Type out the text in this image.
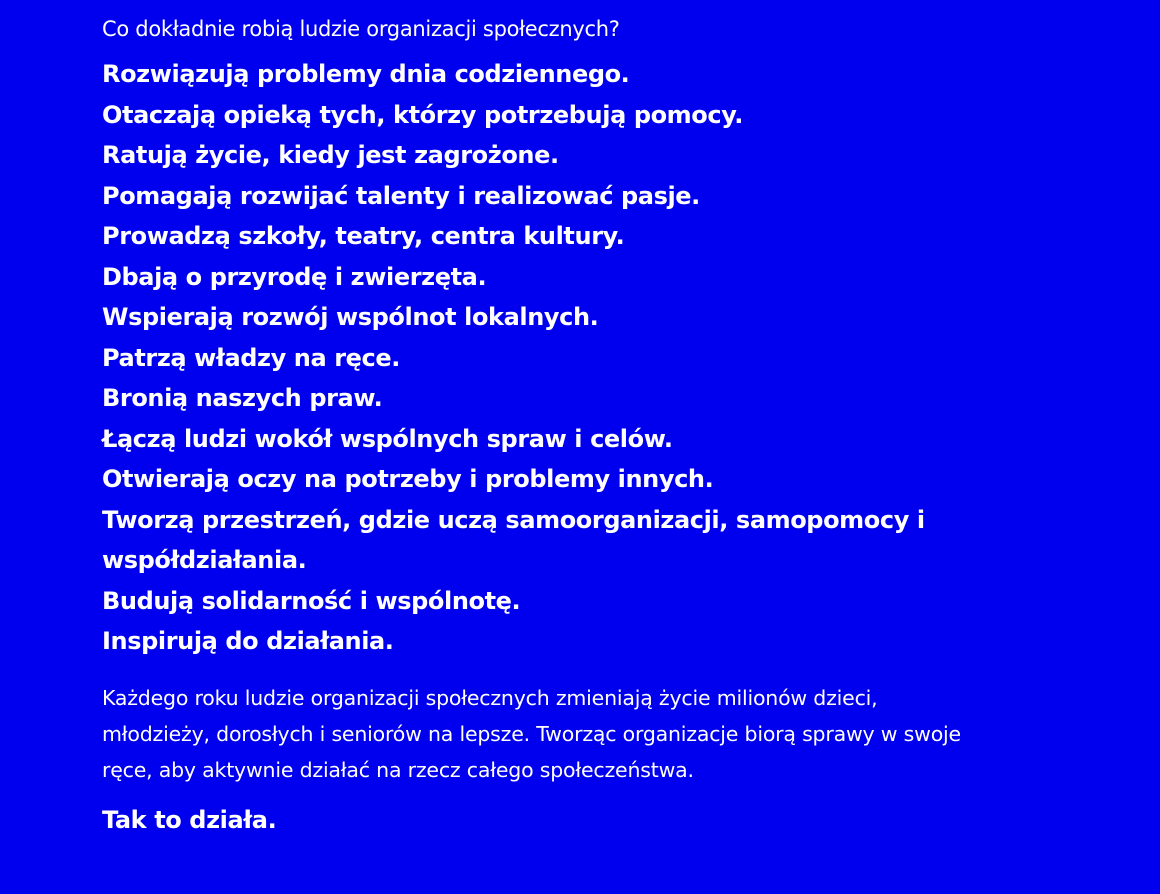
Co dokładnie robią ludzie organizacji społecznych?

Rozwiązują problemy dnia codziennego.
Otaczają opieką tych, którzy potrzebują pomocy.
Ratują życie, kiedy jest zagrożone.
Pomagają rozwijać talenty i realizować pasje.
Prowadzą szkoły, teatry, centra kultury.
Dbają o przyrodę i zwierzęta.
Wspierają rozwój wspólnot lokalnych.
Patrzą władzy na ręce.
Bronią naszych praw.
Łączą ludzi wokół wspólnych spraw i celów.
Otwierają oczy na potrzeby i problemy innych.
Tworzą przestrzeń, gdzie uczą samoorganizacji, samopomocy i współdziałania.
Budują solidarność i wspólnotę.
Inspirują do działania.

Każdego roku ludzie organizacji społecznych zmieniają życie milionów dzieci, młodzieży, dorosłych i seniorów na lepsze. Tworząc organizacje biorą sprawy w swoje ręce, aby aktywnie działać na rzecz całego społeczeństwa.

Tak to działa.
